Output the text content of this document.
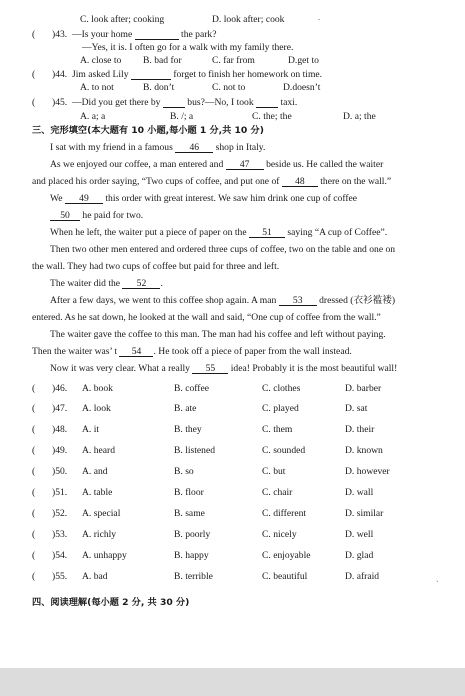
C. look after; cooking	D. look after; cook	.
( )43. —Is your home	the park?
—Yes, it is. I often go for a walk with my family there.
A. close to B. bad for	C. far from	D.get to
( )44. Jim asked Lily	forget to finish her homework on time.
A. to not	B. don’t	C. not to	D.doesn’t
( )45. —Did you get there by	bus?—No, I took	taxi.
A. a; a	B. /; a	C. the; the	D. a; the
三、完形填空(本大题有 10 小题,每小题 1 分,共 10 分)
I sat with my friend in a famous 46 shop in Italy.
As we enjoyed our coffee, a man entered and 47 beside us. He called the waiter
and placed his order saying, “Two cups of coffee, and put one of 48 there on the wall.”
We 49 this order with great interest. We saw him drink one cup of coffee
50 he paid for two.
When he left, the waiter put a piece of paper on the 51 saying “A cup of Coffee”.
Then two other men entered and ordered three cups of coffee, two on the table and one on
the wall. They had two cups of coffee but paid for three and left.
The waiter did the 52 .
After a few days, we went to this coffee shop again. A man 53 dressed (衣衫褴褛)
entered. As he sat down, he looked at the wall and said, “One cup of coffee from the wall.”
The waiter gave the coffee to this man. The man had his coffee and left without paying.
Then the waiter was’ t 54 . He took off a piece of paper from the wall instead.
Now it was very clear. What a really 55 idea! Probably it is the most beautiful wall!
( )46. A. book	B. coffee	C. clothes	D. barber
( )47. A. look	B. ate	C. played	D. sat
( )48. A. it	B. they	C. them	D. their
( )49. A. heard	B. listened	C. sounded	D. known
( )50. A. and	B. so	C. but	D. however
( )51. A. table	B. floor	C. chair	D. wall
( )52. A. special	B. same	C. different	D. similar
( )53. A. richly	B. poorly	C. nicely	D. well
( )54. A. unhappy	B. happy	C. enjoyable	D. glad
( )55. A. bad	B. terrible	C. beautiful	D. afraid	ˎ
四、阅读理解(每小题 2 分, 共 30 分)
